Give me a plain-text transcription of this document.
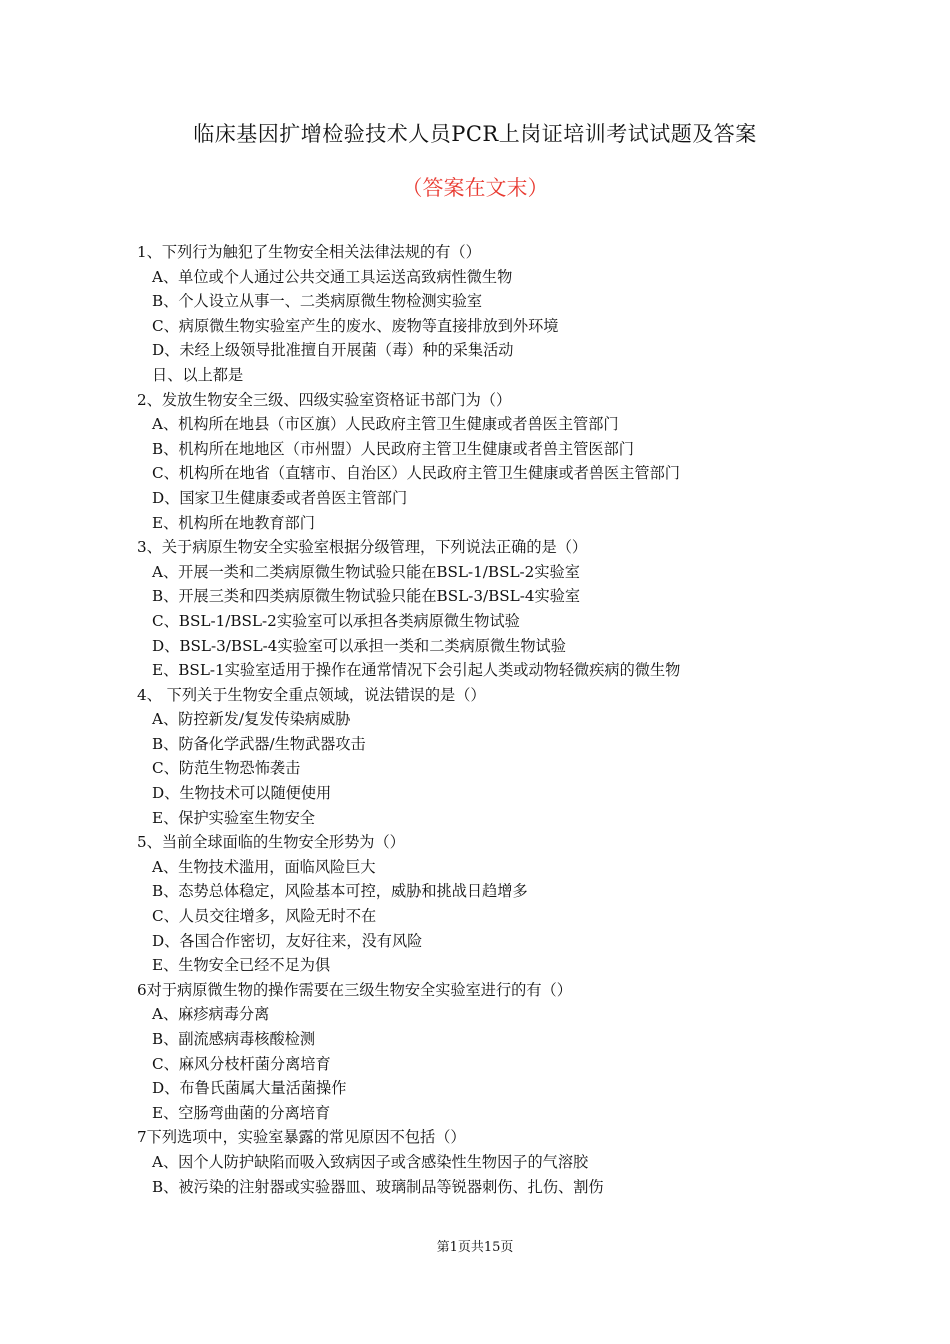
临床基因扩增检验技术人员PCR上岗证培训考试试题及答案
（答案在文末）
1、下列行为触犯了生物安全相关法律法规的有（）
A、单位或个人通过公共交通工具运送高致病性微生物
B、个人设立从事一、二类病原微生物检测实验室
C、病原微生物实验室产生的废水、废物等直接排放到外环境
D、未经上级领导批准擅自开展菌（毒）种的采集活动
日、以上都是
2、发放生物安全三级、四级实验室资格证书部门为（）
A、机构所在地县（市区旗）人民政府主管卫生健康或者兽医主管部门
B、机构所在地地区（市州盟）人民政府主管卫生健康或者兽主管医部门
C、机构所在地省（直辖市、自治区）人民政府主管卫生健康或者兽医主管部门
D、国家卫生健康委或者兽医主管部门
E、机构所在地教育部门
3、关于病原生物安全实验室根据分级管理，下列说法正确的是（）
A、开展一类和二类病原微生物试验只能在BSL-1/BSL-2实验室
B、开展三类和四类病原微生物试验只能在BSL-3/BSL-4实验室
C、BSL-1/BSL-2实验室可以承担各类病原微生物试验
D、BSL-3/BSL-4实验室可以承担一类和二类病原微生物试验
E、BSL-1实验室适用于操作在通常情况下会引起人类或动物轻微疾病的微生物
4、 下列关于生物安全重点领域，说法错误的是（）
A、防控新发/复发传染病威胁
B、防备化学武器/生物武器攻击
C、防范生物恐怖袭击
D、生物技术可以随便使用
E、保护实验室生物安全
5、当前全球面临的生物安全形势为（）
A、生物技术滥用，面临风险巨大
B、态势总体稳定，风险基本可控，威胁和挑战日趋增多
C、人员交往增多，风险无时不在
D、各国合作密切，友好往来，没有风险
E、生物安全已经不足为俱
6对于病原微生物的操作需要在三级生物安全实验室进行的有（）
A、麻疹病毒分离
B、副流感病毒核酸检测
C、麻风分枝杆菌分离培育
D、布鲁氏菌属大量活菌操作
E、空肠弯曲菌的分离培育
7下列选项中，实验室暴露的常见原因不包括（）
A、因个人防护缺陷而吸入致病因子或含感染性生物因子的气溶胶
B、被污染的注射器或实验器皿、玻璃制品等锐器刺伤、扎伤、割伤
第1页共15页
